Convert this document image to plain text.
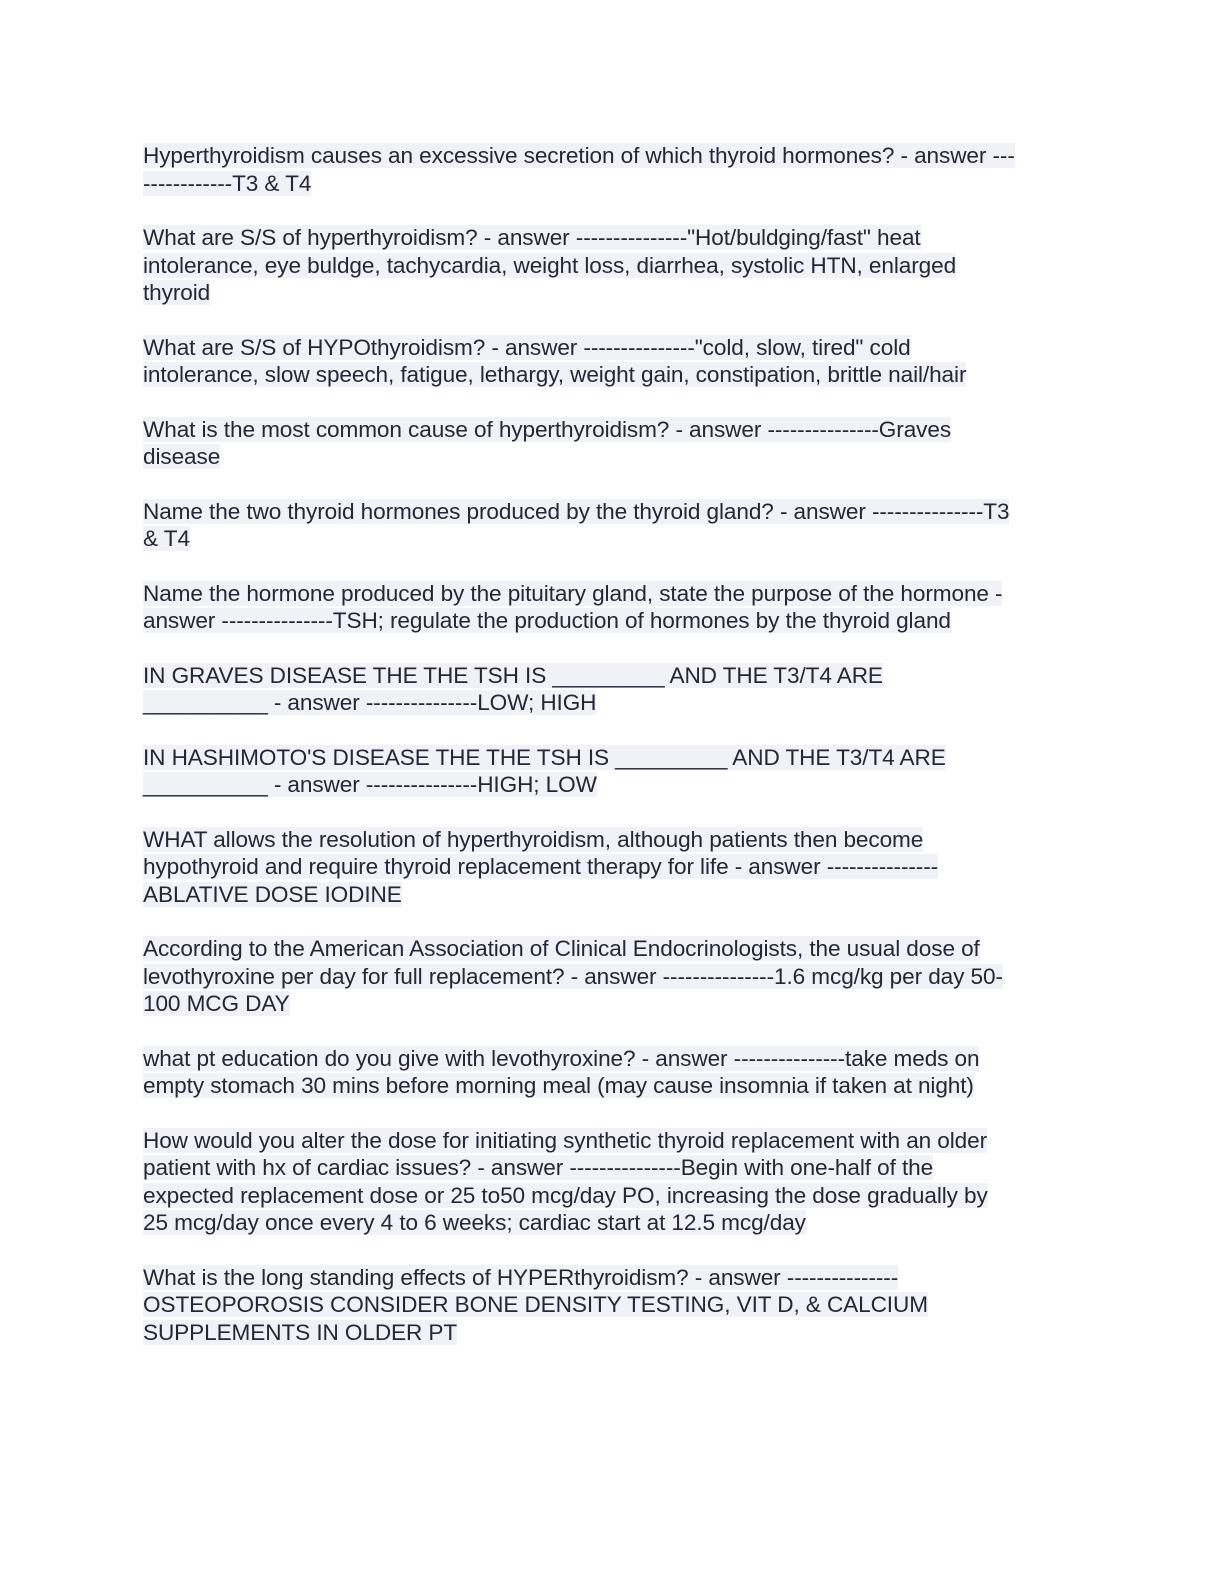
Hyperthyroidism causes an excessive secretion of which thyroid hormones? - answer ---
------------T3 & T4

What are S/S of hyperthyroidism? - answer ---------------"Hot/buldging/fast" heat
intolerance, eye buldge, tachycardia, weight loss, diarrhea, systolic HTN, enlarged
thyroid

What are S/S of HYPOthyroidism? - answer ---------------"cold, slow, tired" cold
intolerance, slow speech, fatigue, lethargy, weight gain, constipation, brittle nail/hair

What is the most common cause of hyperthyroidism? - answer ---------------Graves
disease

Name the two thyroid hormones produced by the thyroid gland? - answer ---------------T3
& T4

Name the hormone produced by the pituitary gland, state the purpose of the hormone -
answer ---------------TSH; regulate the production of hormones by the thyroid gland

IN GRAVES DISEASE THE THE TSH IS _________ AND THE T3/T4 ARE
__________ - answer ---------------LOW; HIGH

IN HASHIMOTO'S DISEASE THE THE TSH IS _________ AND THE T3/T4 ARE
__________ - answer ---------------HIGH; LOW

WHAT allows the resolution of hyperthyroidism, although patients then become
hypothyroid and require thyroid replacement therapy for life - answer ---------------
ABLATIVE DOSE IODINE

According to the American Association of Clinical Endocrinologists, the usual dose of
levothyroxine per day for full replacement? - answer ---------------1.6 mcg/kg per day 50-
100 MCG DAY

what pt education do you give with levothyroxine? - answer ---------------take meds on
empty stomach 30 mins before morning meal (may cause insomnia if taken at night)

How would you alter the dose for initiating synthetic thyroid replacement with an older
patient with hx of cardiac issues? - answer ---------------Begin with one-half of the
expected replacement dose or 25 to50 mcg/day PO, increasing the dose gradually by
25 mcg/day once every 4 to 6 weeks; cardiac start at 12.5 mcg/day

What is the long standing effects of HYPERthyroidism? - answer ---------------
OSTEOPOROSIS CONSIDER BONE DENSITY TESTING, VIT D, & CALCIUM
SUPPLEMENTS IN OLDER PT
